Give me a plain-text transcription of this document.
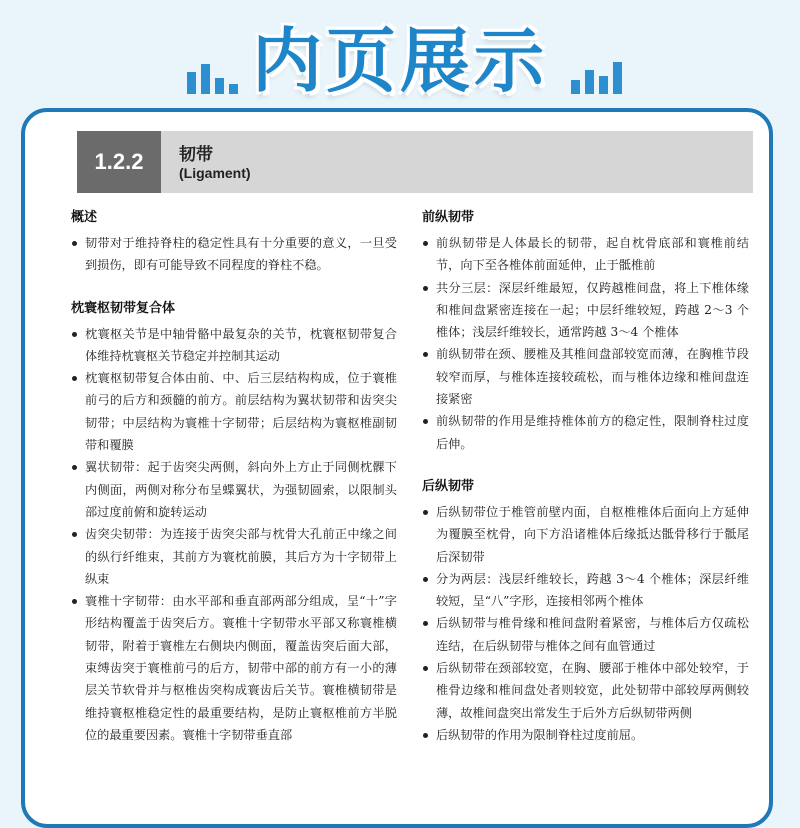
内页展示
1.2.2	韧带
(Ligament)
概述
韧带对于维持脊柱的稳定性具有十分重要的意义，一旦受到损伤，即有可能导致不同程度的脊柱不稳。
枕寰枢韧带复合体
枕寰枢关节是中轴骨骼中最复杂的关节，枕寰枢韧带复合体维持枕寰枢关节稳定并控制其运动
枕寰枢韧带复合体由前、中、后三层结构构成，位于寰椎前弓的后方和颈髓的前方。前层结构为翼状韧带和齿突尖韧带；中层结构为寰椎十字韧带；后层结构为寰枢椎副韧带和覆膜
翼状韧带：起于齿突尖两侧，斜向外上方止于同侧枕髁下内侧面，两侧对称分布呈蝶翼状，为强韧圆索，以限制头部过度前俯和旋转运动
齿突尖韧带：为连接于齿突尖部与枕骨大孔前正中缘之间的纵行纤维束，其前方为寰枕前膜，其后方为十字韧带上纵束
寰椎十字韧带：由水平部和垂直部两部分组成，呈“十”字形结构覆盖于齿突后方。寰椎十字韧带水平部又称寰椎横韧带，附着于寰椎左右侧块内侧面，覆盖齿突后面大部，束缚齿突于寰椎前弓的后方，韧带中部的前方有一小的薄层关节软骨并与枢椎齿突构成寰齿后关节。寰椎横韧带是维持寰枢椎稳定性的最重要结构，是防止寰枢椎前方半脱位的最重要因素。寰椎十字韧带垂直部
前纵韧带
前纵韧带是人体最长的韧带，起自枕骨底部和寰椎前结节，向下至各椎体前面延伸，止于骶椎前
共分三层：深层纤维最短，仅跨越椎间盘，将上下椎体缘和椎间盘紧密连接在一起；中层纤维较短，跨越 2～3 个椎体；浅层纤维较长，通常跨越 3～4 个椎体
前纵韧带在颈、腰椎及其椎间盘部较宽而薄，在胸椎节段较窄而厚，与椎体连接较疏松，而与椎体边缘和椎间盘连接紧密
前纵韧带的作用是维持椎体前方的稳定性，限制脊柱过度后伸。
后纵韧带
后纵韧带位于椎管前壁内面，自枢椎椎体后面向上方延伸为覆膜至枕骨，向下方沿诸椎体后缘抵达骶骨移行于骶尾后深韧带
分为两层：浅层纤维较长，跨越 3～4 个椎体；深层纤维较短，呈“八”字形，连接相邻两个椎体
后纵韧带与椎骨缘和椎间盘附着紧密，与椎体后方仅疏松连结，在后纵韧带与椎体之间有血管通过
后纵韧带在颈部较宽，在胸、腰部于椎体中部处较窄，于椎骨边缘和椎间盘处者则较宽，此处韧带中部较厚两侧较薄，故椎间盘突出常发生于后外方后纵韧带两侧
后纵韧带的作用为限制脊柱过度前屈。
